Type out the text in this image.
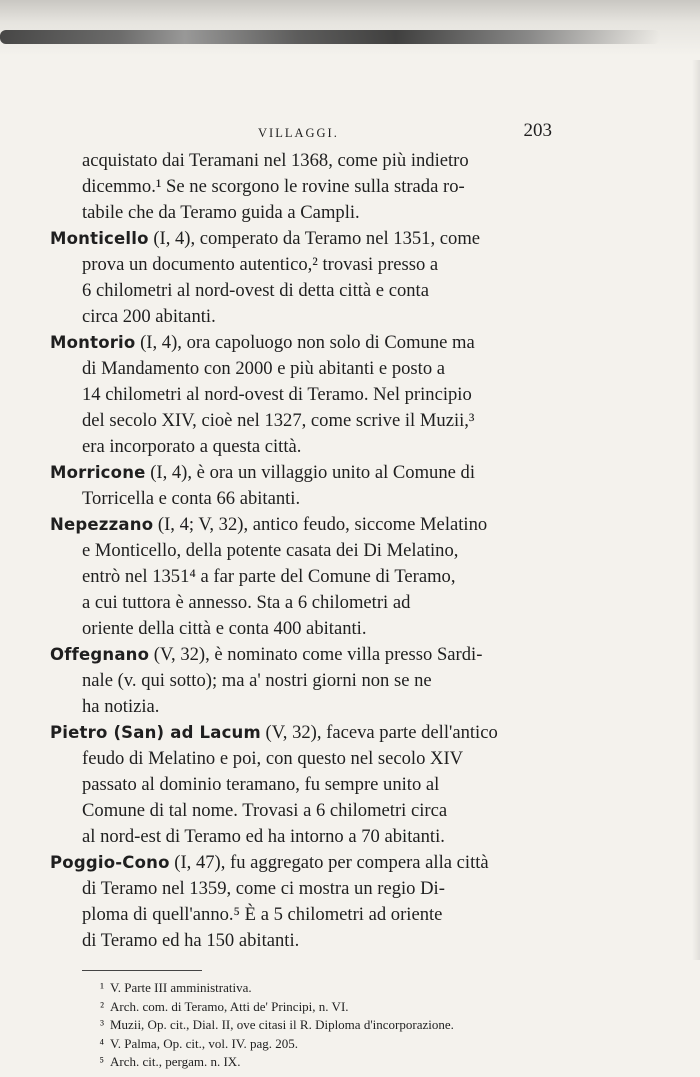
VILLAGGI.	203
acquistato dai Teramani nel 1368, come più indietro
dicemmo.¹ Se ne scorgono le rovine sulla strada ro-
tabile che da Teramo guida a Campli.
Monticello (I, 4), comperato da Teramo nel 1351, come
prova un documento autentico,² trovasi presso a
6 chilometri al nord-ovest di detta città e conta
circa 200 abitanti.
Montorio (I, 4), ora capoluogo non solo di Comune ma
di Mandamento con 2000 e più abitanti e posto a
14 chilometri al nord-ovest di Teramo. Nel principio
del secolo XIV, cioè nel 1327, come scrive il Muzii,³
era incorporato a questa città.
Morricone (I, 4), è ora un villaggio unito al Comune di
Torricella e conta 66 abitanti.
Nepezzano (I, 4; V, 32), antico feudo, siccome Melatino
e Monticello, della potente casata dei Di Melatino,
entrò nel 1351⁴ a far parte del Comune di Teramo,
a cui tuttora è annesso. Sta a 6 chilometri ad
oriente della città e conta 400 abitanti.
Offegnano (V, 32), è nominato come villa presso Sardi-
nale (v. qui sotto); ma a' nostri giorni non se ne
ha notizia.
Pietro (San) ad Lacum (V, 32), faceva parte dell'antico
feudo di Melatino e poi, con questo nel secolo XIV
passato al dominio teramano, fu sempre unito al
Comune di tal nome. Trovasi a 6 chilometri circa
al nord-est di Teramo ed ha intorno a 70 abitanti.
Poggio-Cono (I, 47), fu aggregato per compera alla città
di Teramo nel 1359, come ci mostra un regio Di-
ploma di quell'anno.⁵ È a 5 chilometri ad oriente
di Teramo ed ha 150 abitanti.
¹ V. Parte III amministrativa.
² Arch. com. di Teramo, Atti de' Principi, n. VI.
³ Muzii, Op. cit., Dial. II, ove citasi il R. Diploma d'incorporazione.
⁴ V. Palma, Op. cit., vol. IV. pag. 205.
⁵ Arch. cit., pergam. n. IX.
